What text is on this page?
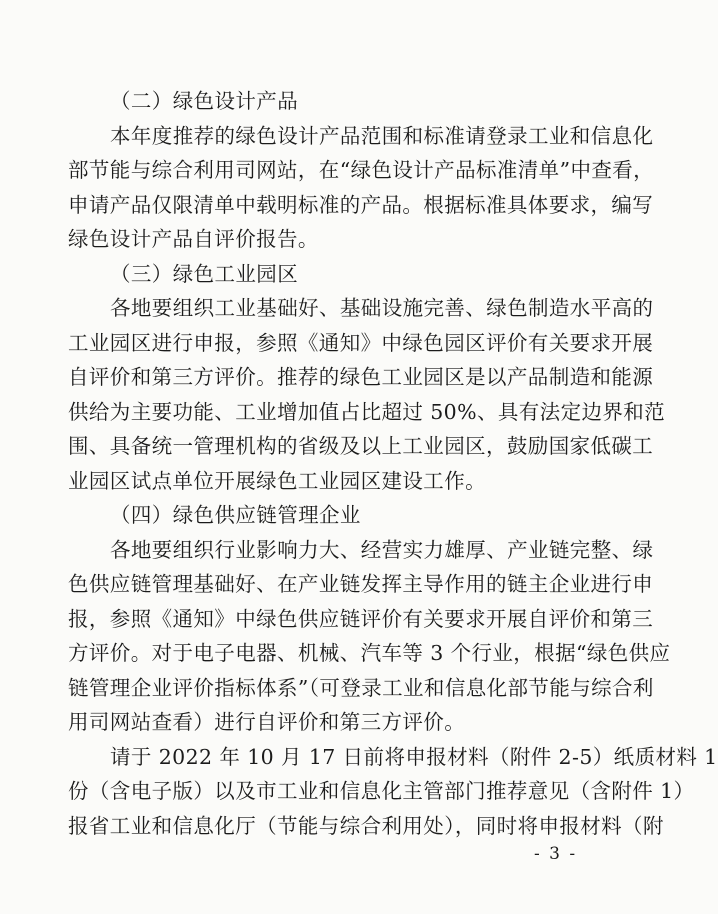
（二）绿色设计产品
本年度推荐的绿色设计产品范围和标准请登录工业和信息化
部节能与综合利用司网站，在“绿色设计产品标准清单”中查看，
申请产品仅限清单中载明标准的产品。根据标准具体要求，编写
绿色设计产品自评价报告。
（三）绿色工业园区
各地要组织工业基础好、基础设施完善、绿色制造水平高的
工业园区进行申报，参照《通知》中绿色园区评价有关要求开展
自评价和第三方评价。推荐的绿色工业园区是以产品制造和能源
供给为主要功能、工业增加值占比超过 50%、具有法定边界和范
围、具备统一管理机构的省级及以上工业园区，鼓励国家低碳工
业园区试点单位开展绿色工业园区建设工作。
（四）绿色供应链管理企业
各地要组织行业影响力大、经营实力雄厚、产业链完整、绿
色供应链管理基础好、在产业链发挥主导作用的链主企业进行申
报，参照《通知》中绿色供应链评价有关要求开展自评价和第三
方评价。对于电子电器、机械、汽车等 3 个行业，根据“绿色供应
链管理企业评价指标体系”（可登录工业和信息化部节能与综合利
用司网站查看）进行自评价和第三方评价。
请于 2022 年 10 月 17 日前将申报材料（附件 2-5）纸质材料 1
份（含电子版）以及市工业和信息化主管部门推荐意见（含附件 1）
报省工业和信息化厅（节能与综合利用处），同时将申报材料（附
- 3 -
